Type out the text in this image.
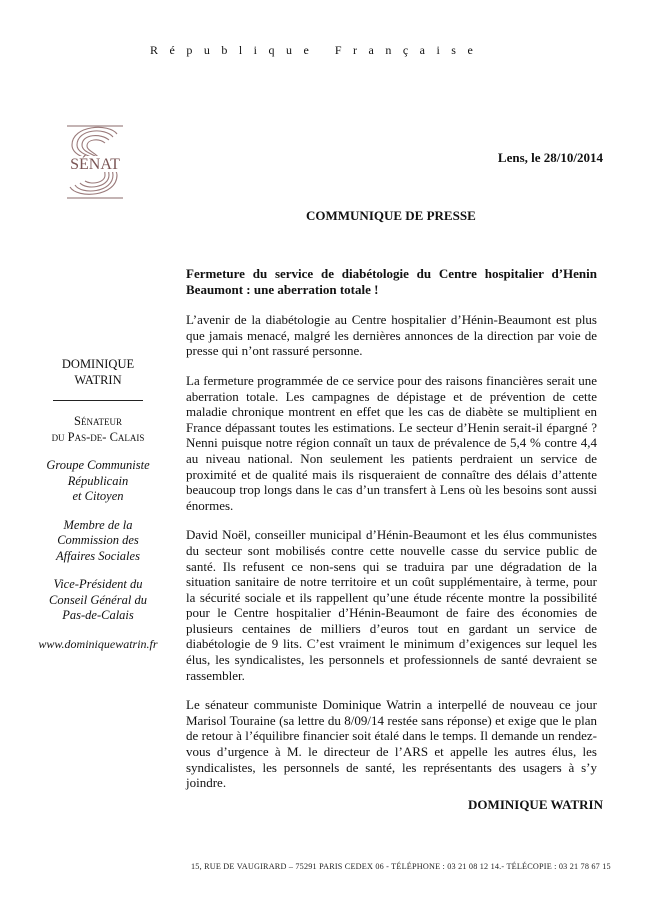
République Française
SÉNAT	Lens, le 28/10/2014
COMMUNIQUE DE PRESSE

DOMINIQUE

WATRIN

Sénateur

du Pas-de- Calais

Groupe Communiste

Républicain

et Citoyen

Membre de la

Commission des

Affaires Sociales

Vice-Président du

Conseil Général du

Pas-de-Calais

www.dominiquewatrin.fr

Fermeture du service de diabétologie du Centre hospitalier d’Henin Beaumont : une aberration totale !

L’avenir de la diabétologie au Centre hospitalier d’Hénin-Beaumont est plus que jamais menacé, malgré les dernières annonces de la direction par voie de presse qui n’ont rassuré personne.

La fermeture programmée de ce service pour des raisons financières serait une aberration totale. Les campagnes de dépistage et de prévention de cette maladie chronique montrent en effet que les cas de diabète se multiplient en France dépassant toutes les estimations. Le secteur d’Henin serait-il épargné ? Nenni puisque notre région connaît un taux de prévalence de 5,4 % contre 4,4 au niveau national. Non seulement les patients perdraient un service de proximité et de qualité mais ils risqueraient de connaître des délais d’attente beaucoup trop longs dans le cas d’un transfert à Lens où les besoins sont aussi énormes.

David Noël, conseiller municipal d’Hénin-Beaumont et les élus communistes du secteur sont mobilisés contre cette nouvelle casse du service public de santé. Ils refusent ce non-sens qui se traduira par une dégradation de la situation sanitaire de notre territoire et un coût supplémentaire, à terme, pour la sécurité sociale et ils rappellent qu’une étude récente montre la possibilité pour le Centre hospitalier d’Hénin-Beaumont de faire des économies de plusieurs centaines de milliers d’euros tout en gardant un service de diabétologie de 9 lits. C’est vraiment le minimum d’exigences sur lequel les élus, les syndicalistes, les personnels et professionnels de santé devraient se rassembler.

Le sénateur communiste Dominique Watrin a interpellé de nouveau ce jour Marisol Touraine (sa lettre du 8/09/14 restée sans réponse) et exige que le plan de retour à l’équilibre financier soit étalé dans le temps. Il demande un rendez-vous d’urgence à M. le directeur de l’ARS et appelle les autres élus, les syndicalistes, les personnels de santé, les représentants des usagers à s’y joindre.

DOMINIQUE WATRIN
15, RUE DE VAUGIRARD – 75291 PARIS CEDEX 06 - TÉLÉPHONE : 03 21 08 12 14.- TÉLÉCOPIE : 03 21 78 67 15
